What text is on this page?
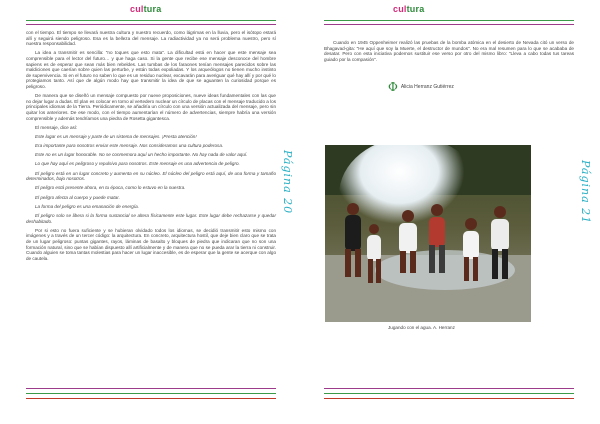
cultura

con el tiempo. El tiempo se llevará nuestra cultura y nuestro recuerdo, como lágrimas en la lluvia, pero el isótopo estará allí y seguirá siendo peligroso. Esa es la belleza del mensaje. La radiactividad ya no será problema nuestro, pero sí nuestra responsabilidad.

La idea a transmitir es sencilla: "no toques que esto mata". La dificultad está en hacer que este mensaje sea comprensible para el lector del futuro… y que haga caso. Si la gente que recibe ese mensaje desconoce del hombre sapiens es de esperar que sean más bien rebeldes. Las tumbas de los faraones tenían mensajes parecidos sobre las maldiciones que caerían sobre quien las perturbe, y están todas expoliadas. Y los arqueólogos no tienen mucho instinto de supervivencia. Si en el futuro no saben lo que es un residuo nuclear, excavarán para averiguar qué hay allí y por qué lo protegiamos tanto. Así que de algún modo hay que transmitir la idea de que se aguanten la curiosidad porque es peligroso.

De manera que se diseñó un mensaje compuesto por nueve proposiciones, nueve ideas fundamentales con las que no dejar lugar a dudas. El plan es colocar en torno al vertedero nuclear un círculo de placas con el mensaje traducido a los principales idiomas de la Tierra. Periódicamente, se añadiría un círculo con una versión actualizada del mensaje, pero sin quitar los anteriores. De ese modo, con el tiempo aumentarían el número de advertencias, siempre habría una versión comprensible y además tendríamos una piedra de Rosetta gigantesca.

El mensaje, dice así:

Este lugar es un mensaje y parte de un sistema de mensajes. ¡Presta atención!

Era importante para nosotros enviar este mensaje. Nos consideramos una cultura poderosa.

Este no es un lugar honorable. No se conmemora aquí un hecho importante. No hay nada de valor aquí.

Lo que hay aquí es peligroso y repulsivo para nosotros. Este mensaje es una advertencia de peligro.

El peligro está en un lugar concreto y aumenta en su núcleo. El núcleo del peligro está aquí, de una forma y tamaño determinados, bajo nosotros.

El peligro está presente ahora, en tu época, como lo estuvo en la nuestra.

El peligro afecta al cuerpo y puede matar.

La forma del peligro es una emanación de energía.

El peligro solo se libera si la forma sustancial se altera físicamente este lugar. Este lugar debe rechazarse y quedar deshabitado.

Por si esto no fuera suficiente y se hubieran olvidado todos los idiomas, se decidió transmitir esto mismo con imágenes y a través de un tercer código: la arquitectura. En concreto, arquitectura hostil, que deje bien claro que se trata de un lugar peligroso: puntas gigantes, rayos, láminas de basalto y bloques de piedra que indicaran que no son una formación natural, sino que se habían dispuesto allí artificialmente y de manera que no se pueda arar la tierra ni construir. Cuando alguien se toma tantas molestias para hacer un lugar inaccesible, es de esperar que la gente se acerque con algo de cautela.

Página 20
cultura

Cuando en 1945 Oppenheimer realizó las pruebas de la bomba atómica en el desierto de Nevada citó un verso de Bhagavad-gita: "He aquí que soy la Muerte, el destructor de mundos". No era mal resumen para lo que se acababa de desatar. Pero con esta iniciativa podemos sustituir ese verso por otro del mismo libro: "Lleva a cabo todas tus tareas guiado por la compasión".

Φ Alicia Herranz Gutiérrez
Jugando con el agua. A. Herranz
Página 21
